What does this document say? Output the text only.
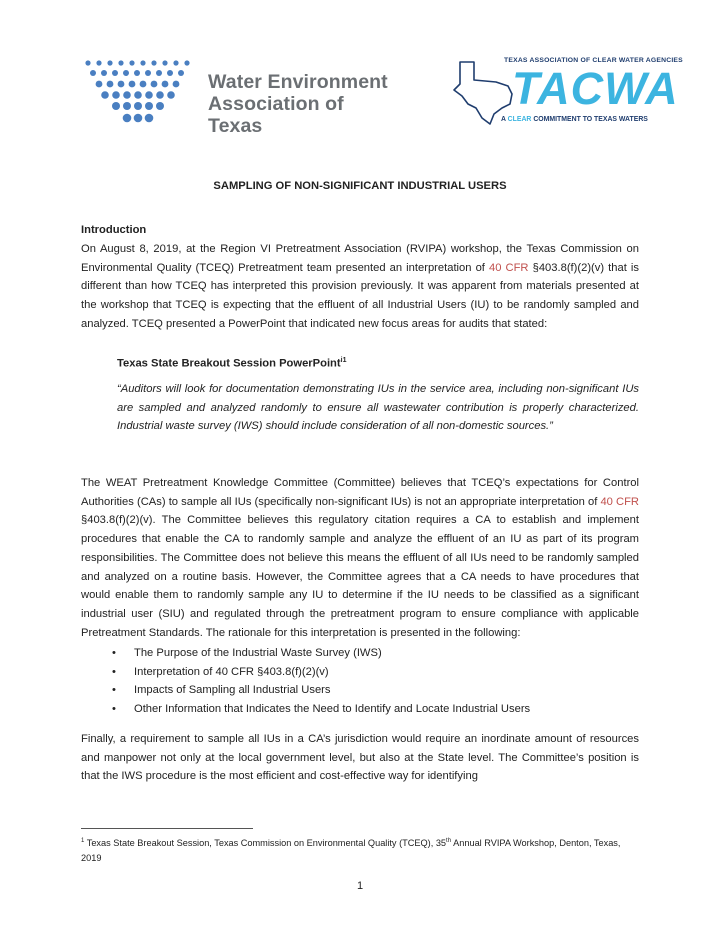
Water Environment
Association of Texas
TEXAS ASSOCIATION OF CLEAR WATER AGENCIES
TACWA
A CLEAR COMMITMENT TO TEXAS WATERS
SAMPLING OF NON-SIGNIFICANT INDUSTRIAL USERS
Introduction

On August 8, 2019, at the Region VI Pretreatment Association (RVIPA) workshop, the Texas Commission on Environmental Quality (TCEQ) Pretreatment team presented an interpretation of 40 CFR §403.8(f)(2)(v) that is different than how TCEQ has interpreted this provision previously. It was apparent from materials presented at the workshop that TCEQ is expecting that the effluent of all Industrial Users (IU) to be randomly sampled and analyzed. TCEQ presented a PowerPoint that indicated new focus areas for audits that stated:

Texas State Breakout Session PowerPoint$^{i1}$

“Auditors will look for documentation demonstrating IUs in the service area, including non-significant IUs are sampled and analyzed randomly to ensure all wastewater contribution is properly characterized. Industrial waste survey (IWS) should include consideration of all non-domestic sources.”

The WEAT Pretreatment Knowledge Committee (Committee) believes that TCEQ’s expectations for Control Authorities (CAs) to sample all IUs (specifically non-significant IUs) is not an appropriate interpretation of 40 CFR §403.8(f)(2)(v). The Committee believes this regulatory citation requires a CA to establish and implement procedures that enable the CA to randomly sample and analyze the effluent of an IU as part of its program responsibilities. The Committee does not believe this means the effluent of all IUs need to be randomly sampled and analyzed on a routine basis. However, the Committee agrees that a CA needs to have procedures that would enable them to randomly sample any IU to determine if the IU needs to be classified as a significant industrial user (SIU) and regulated through the pretreatment program to ensure compliance with applicable Pretreatment Standards. The rationale for this interpretation is presented in the following:

• The Purpose of the Industrial Waste Survey (IWS)
• Interpretation of 40 CFR §403.8(f)(2)(v)
• Impacts of Sampling all Industrial Users
• Other Information that Indicates the Need to Identify and Locate Industrial Users

Finally, a requirement to sample all IUs in a CA’s jurisdiction would require an inordinate amount of resources and manpower not only at the local government level, but also at the State level. The Committee’s position is that the IWS procedure is the most efficient and cost-effective way for identifying

$^1$ Texas State Breakout Session, Texas Commission on Environmental Quality (TCEQ), 35th Annual RVIPA Workshop, Denton, Texas, 2019

1
